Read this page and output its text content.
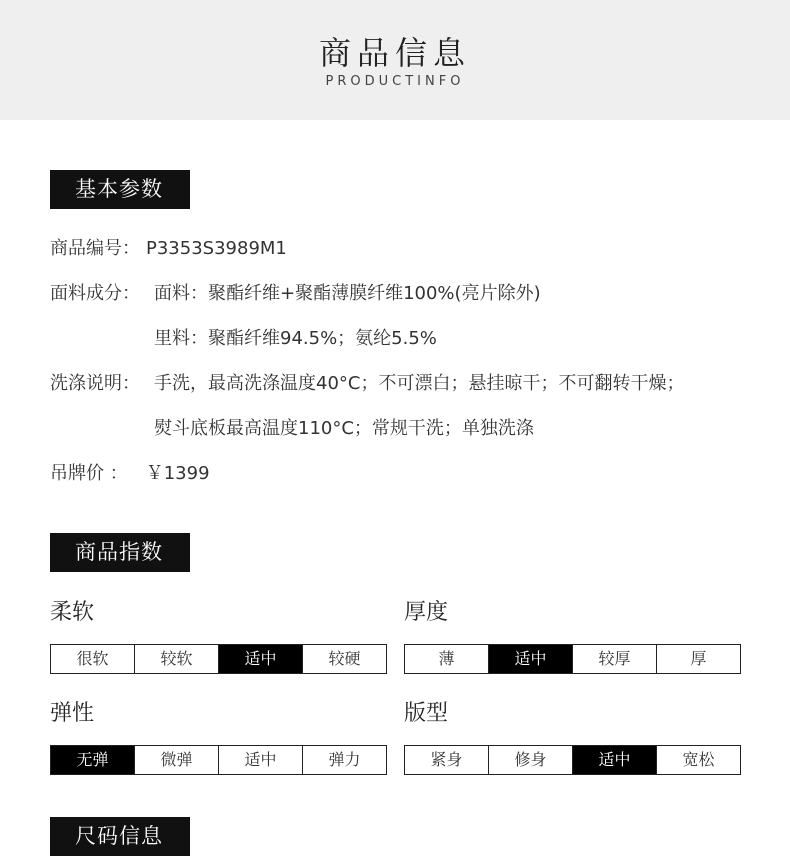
商品信息
PRODUCTINFO
基本参数
商品编号： P3353S3989M1
面料成分： 面料：聚酯纤维+聚酯薄膜纤维100%(亮片除外)
里料：聚酯纤维94.5%；氨纶5.5%
洗涤说明： 手洗，最高洗涤温度40°C；不可漂白；悬挂晾干；不可翻转干燥；
熨斗底板最高温度110°C；常规干洗；单独洗涤
吊牌价 ： ￥1399
商品指数
柔软
很软	较软	适中	较硬
厚度
薄	适中	较厚	厚
弹性
无弹	微弹	适中	弹力
版型
紧身	修身	适中	宽松
尺码信息
